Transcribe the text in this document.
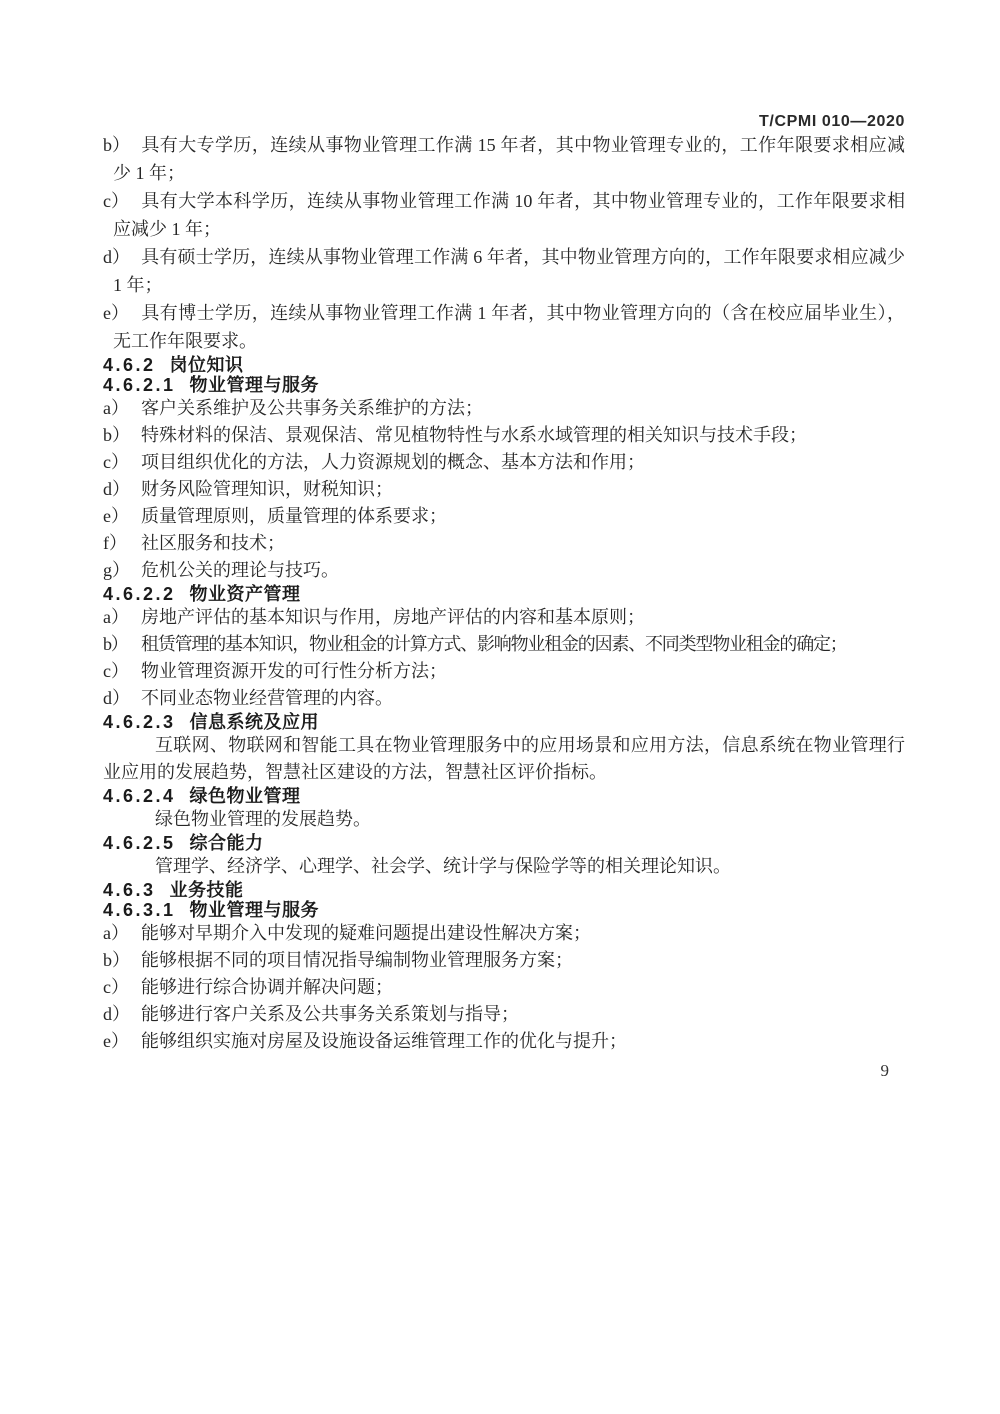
T/CPMI 010—2020
b） 具有大专学历，连续从事物业管理工作满 15 年者，其中物业管理专业的，工作年限要求相应减少 1 年；
c） 具有大学本科学历，连续从事物业管理工作满 10 年者，其中物业管理专业的，工作年限要求相应减少 1 年；
d） 具有硕士学历，连续从事物业管理工作满 6 年者，其中物业管理方向的，工作年限要求相应减少 1 年；
e） 具有博士学历，连续从事物业管理工作满 1 年者，其中物业管理方向的（含在校应届毕业生），无工作年限要求。
4.6.2 岗位知识
4.6.2.1 物业管理与服务
a） 客户关系维护及公共事务关系维护的方法；
b） 特殊材料的保洁、景观保洁、常见植物特性与水系水域管理的相关知识与技术手段；
c） 项目组织优化的方法，人力资源规划的概念、基本方法和作用；
d） 财务风险管理知识，财税知识；
e） 质量管理原则，质量管理的体系要求；
f） 社区服务和技术；
g） 危机公关的理论与技巧。
4.6.2.2 物业资产管理
a） 房地产评估的基本知识与作用，房地产评估的内容和基本原则；
b） 租赁管理的基本知识，物业租金的计算方式、影响物业租金的因素、不同类型物业租金的确定；
c） 物业管理资源开发的可行性分析方法；
d） 不同业态物业经营管理的内容。
4.6.2.3 信息系统及应用

互联网、物联网和智能工具在物业管理服务中的应用场景和应用方法，信息系统在物业管理行业应用的发展趋势，智慧社区建设的方法，智慧社区评价指标。

4.6.2.4 绿色物业管理

绿色物业管理的发展趋势。

4.6.2.5 综合能力

管理学、经济学、心理学、社会学、统计学与保险学等的相关理论知识。

4.6.3 业务技能
4.6.3.1 物业管理与服务
a） 能够对早期介入中发现的疑难问题提出建设性解决方案；
b） 能够根据不同的项目情况指导编制物业管理服务方案；
c） 能够进行综合协调并解决问题；
d） 能够进行客户关系及公共事务关系策划与指导；
e） 能够组织实施对房屋及设施设备运维管理工作的优化与提升；
9
